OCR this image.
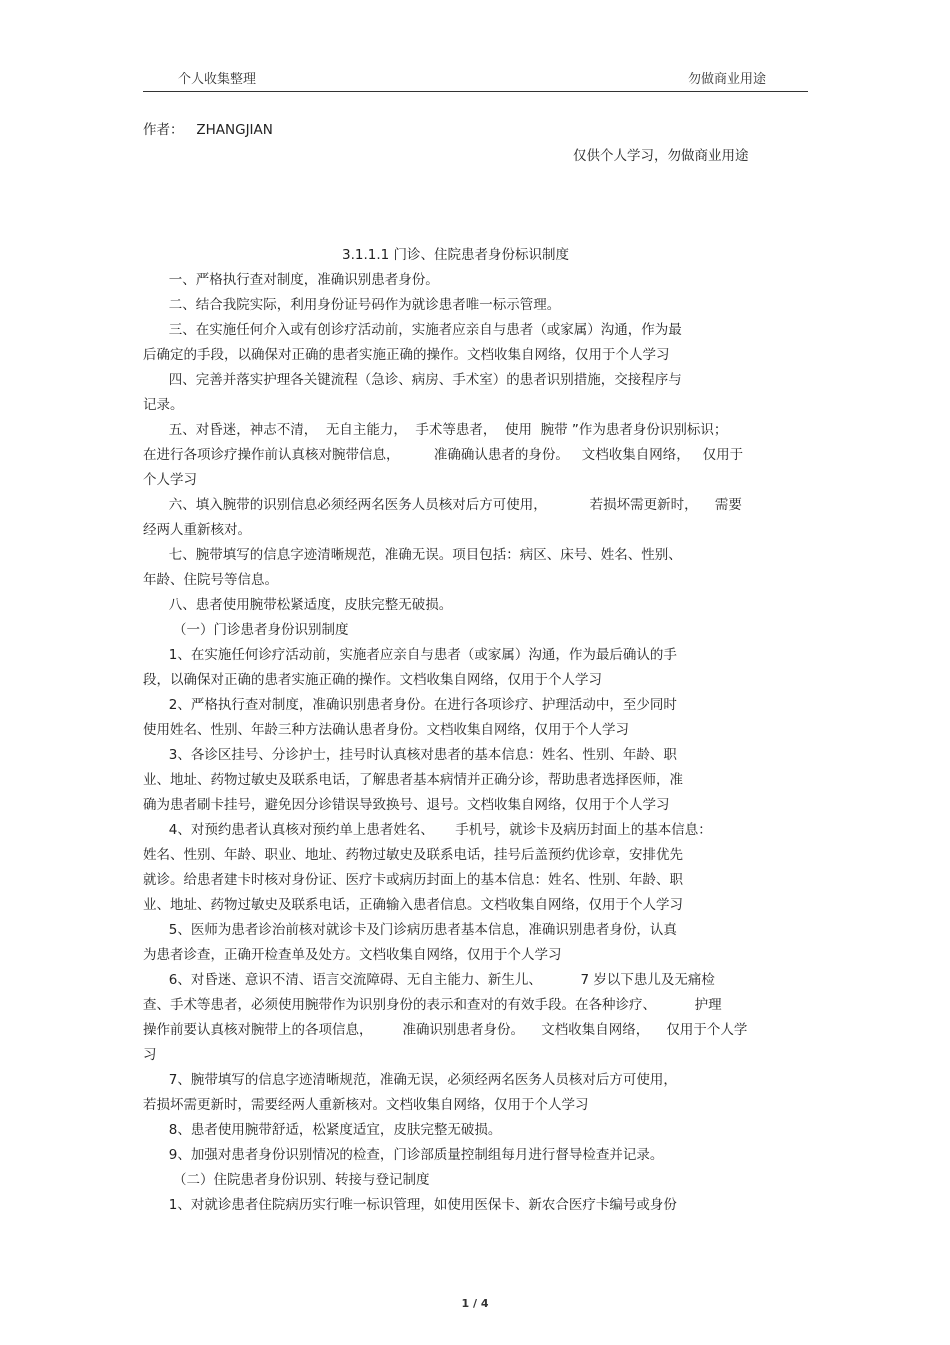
个人收集整理	勿做商业用途
作者：   ZHANGJIAN
仅供个人学习，勿做商业用途
3.1.1.1 门诊、住院患者身份标识制度
一、严格执行查对制度，准确识别患者身份。
二、结合我院实际，利用身份证号码作为就诊患者唯一标示管理。
三、在实施任何介入或有创诊疗活动前，实施者应亲自与患者（或家属）沟通，作为最
后确定的手段，以确保对正确的患者实施正确的操作。文档收集自网络，仅用于个人学习
四、完善并落实护理各关键流程（急诊、病房、手术室）的患者识别措施，交接程序与
记录。
五、对昏迷，神志不清，  无自主能力，  手术等患者，  使用  腕带 ”作为患者身份识别标识；
在进行各项诊疗操作前认真核对腕带信息，        准确确认患者的身份。   文档收集自网络，   仅用于
个人学习
六、填入腕带的识别信息必须经两名医务人员核对后方可使用，          若损坏需更新时，    需要
经两人重新核对。
七、腕带填写的信息字迹清晰规范，准确无误。项目包括：病区、床号、姓名、性别、
年龄、住院号等信息。
八、患者使用腕带松紧适度，皮肤完整无破损。
（一）门诊患者身份识别制度
1、在实施任何诊疗活动前，实施者应亲自与患者（或家属）沟通，作为最后确认的手
段，以确保对正确的患者实施正确的操作。文档收集自网络，仅用于个人学习
2、严格执行查对制度，准确识别患者身份。在进行各项诊疗、护理活动中，至少同时
使用姓名、性别、年龄三种方法确认患者身份。文档收集自网络，仅用于个人学习
3、各诊区挂号、分诊护士，挂号时认真核对患者的基本信息：姓名、性别、年龄、职
业、地址、药物过敏史及联系电话，了解患者基本病情并正确分诊，帮助患者选择医师，准
确为患者刷卡挂号，避免因分诊错误导致换号、退号。文档收集自网络，仅用于个人学习
4、对预约患者认真核对预约单上患者姓名、     手机号，就诊卡及病历封面上的基本信息：
姓名、性别、年龄、职业、地址、药物过敏史及联系电话，挂号后盖预约优诊章，安排优先
就诊。给患者建卡时核对身份证、医疗卡或病历封面上的基本信息：姓名、性别、年龄、职
业、地址、药物过敏史及联系电话，正确输入患者信息。文档收集自网络，仅用于个人学习
5、医师为患者诊治前核对就诊卡及门诊病历患者基本信息，准确识别患者身份，认真
为患者诊查，正确开检查单及处方。文档收集自网络，仅用于个人学习
6、对昏迷、意识不清、语言交流障碍、无自主能力、新生儿、         7 岁以下患儿及无痛检
查、手术等患者，必须使用腕带作为识别身份的表示和查对的有效手段。在各种诊疗、         护理
操作前要认真核对腕带上的各项信息，       准确识别患者身份。    文档收集自网络，    仅用于个人学
习
7、腕带填写的信息字迹清晰规范，准确无误，必须经两名医务人员核对后方可使用，
若损坏需更新时，需要经两人重新核对。文档收集自网络，仅用于个人学习
8、患者使用腕带舒适，松紧度适宜，皮肤完整无破损。
9、加强对患者身份识别情况的检查，门诊部质量控制组每月进行督导检查并记录。
（二）住院患者身份识别、转接与登记制度
1、对就诊患者住院病历实行唯一标识管理，如使用医保卡、新农合医疗卡编号或身份
1 / 4
